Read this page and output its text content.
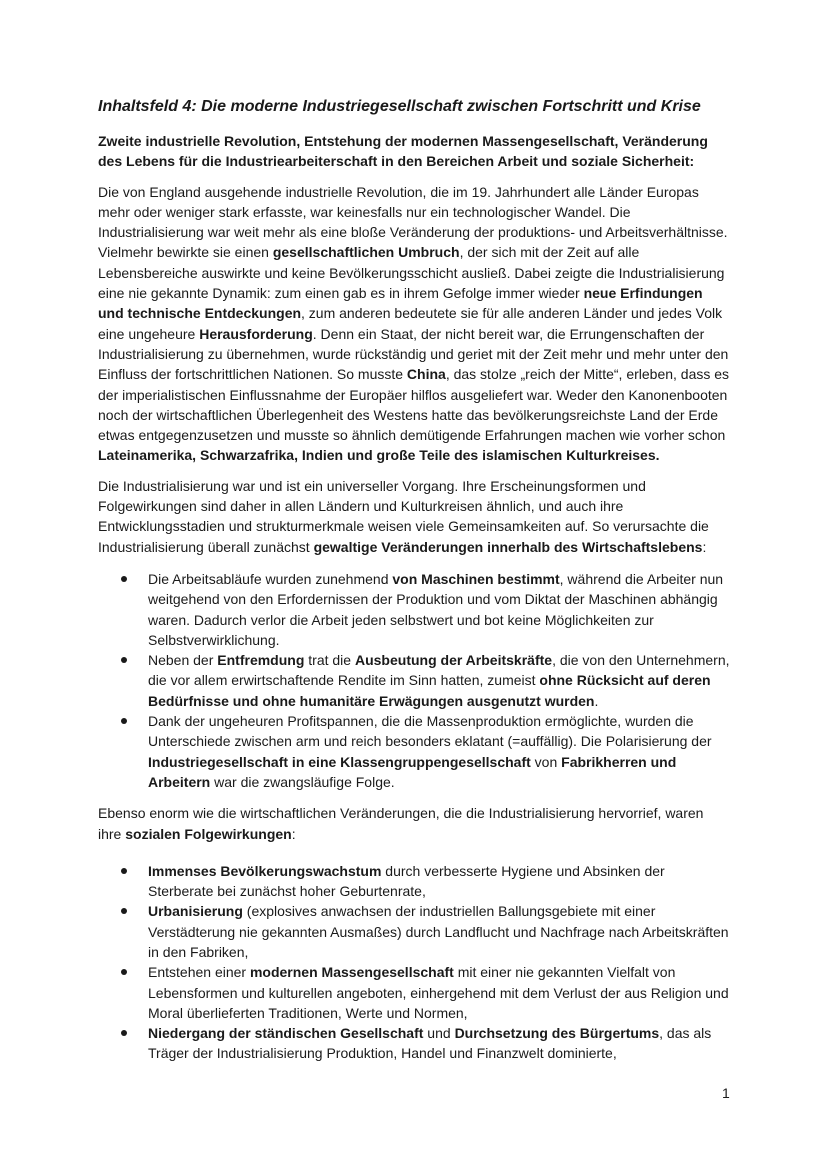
Inhaltsfeld 4: Die moderne Industriegesellschaft zwischen Fortschritt und Krise
Zweite industrielle Revolution, Entstehung der modernen Massengesellschaft, Veränderung des Lebens für die Industriearbeiterschaft in den Bereichen Arbeit und soziale Sicherheit:

Die von England ausgehende industrielle Revolution, die im 19. Jahrhundert alle Länder Europas mehr oder weniger stark erfasste, war keinesfalls nur ein technologischer Wandel. Die Industrialisierung war weit mehr als eine bloße Veränderung der produktions- und Arbeitsverhältnisse. Vielmehr bewirkte sie einen gesellschaftlichen Umbruch, der sich mit der Zeit auf alle Lebensbereiche auswirkte und keine Bevölkerungsschicht ausließ. Dabei zeigte die Industrialisierung eine nie gekannte Dynamik: zum einen gab es in ihrem Gefolge immer wieder neue Erfindungen und technische Entdeckungen, zum anderen bedeutete sie für alle anderen Länder und jedes Volk eine ungeheure Herausforderung. Denn ein Staat, der nicht bereit war, die Errungenschaften der Industrialisierung zu übernehmen, wurde rückständig und geriet mit der Zeit mehr und mehr unter den Einfluss der fortschrittlichen Nationen. So musste China, das stolze „reich der Mitte“, erleben, dass es der imperialistischen Einflussnahme der Europäer hilflos ausgeliefert war. Weder den Kanonenbooten noch der wirtschaftlichen Überlegenheit des Westens hatte das bevölkerungsreichste Land der Erde etwas entgegenzusetzen und musste so ähnlich demütigende Erfahrungen machen wie vorher schon Lateinamerika, Schwarzafrika, Indien und große Teile des islamischen Kulturkreises.

Die Industrialisierung war und ist ein universeller Vorgang. Ihre Erscheinungsformen und Folgewirkungen sind daher in allen Ländern und Kulturkreisen ähnlich, und auch ihre Entwicklungsstadien und strukturmerkmale weisen viele Gemeinsamkeiten auf. So verursachte die Industrialisierung überall zunächst gewaltige Veränderungen innerhalb des Wirtschaftslebens:

Die Arbeitsabläufe wurden zunehmend von Maschinen bestimmt, während die Arbeiter nun weitgehend von den Erfordernissen der Produktion und vom Diktat der Maschinen abhängig waren. Dadurch verlor die Arbeit jeden selbstwert und bot keine Möglichkeiten zur Selbstverwirklichung.
Neben der Entfremdung trat die Ausbeutung der Arbeitskräfte, die von den Unternehmern, die vor allem erwirtschaftende Rendite im Sinn hatten, zumeist ohne Rücksicht auf deren Bedürfnisse und ohne humanitäre Erwägungen ausgenutzt wurden.
Dank der ungeheuren Profitspannen, die die Massenproduktion ermöglichte, wurden die Unterschiede zwischen arm und reich besonders eklatant (=auffällig). Die Polarisierung der Industriegesellschaft in eine Klassengruppengesellschaft von Fabrikherren und Arbeitern war die zwangsläufige Folge.

Ebenso enorm wie die wirtschaftlichen Veränderungen, die die Industrialisierung hervorrief, waren ihre sozialen Folgewirkungen:

Immenses Bevölkerungswachstum durch verbesserte Hygiene und Absinken der Sterberate bei zunächst hoher Geburtenrate,
Urbanisierung (explosives anwachsen der industriellen Ballungsgebiete mit einer Verstädterung nie gekannten Ausmaßes) durch Landflucht und Nachfrage nach Arbeitskräften in den Fabriken,
Entstehen einer modernen Massengesellschaft mit einer nie gekannten Vielfalt von Lebensformen und kulturellen angeboten, einhergehend mit dem Verlust der aus Religion und Moral überlieferten Traditionen, Werte und Normen,
Niedergang der ständischen Gesellschaft und Durchsetzung des Bürgertums, das als Träger der Industrialisierung Produktion, Handel und Finanzwelt dominierte,
1
